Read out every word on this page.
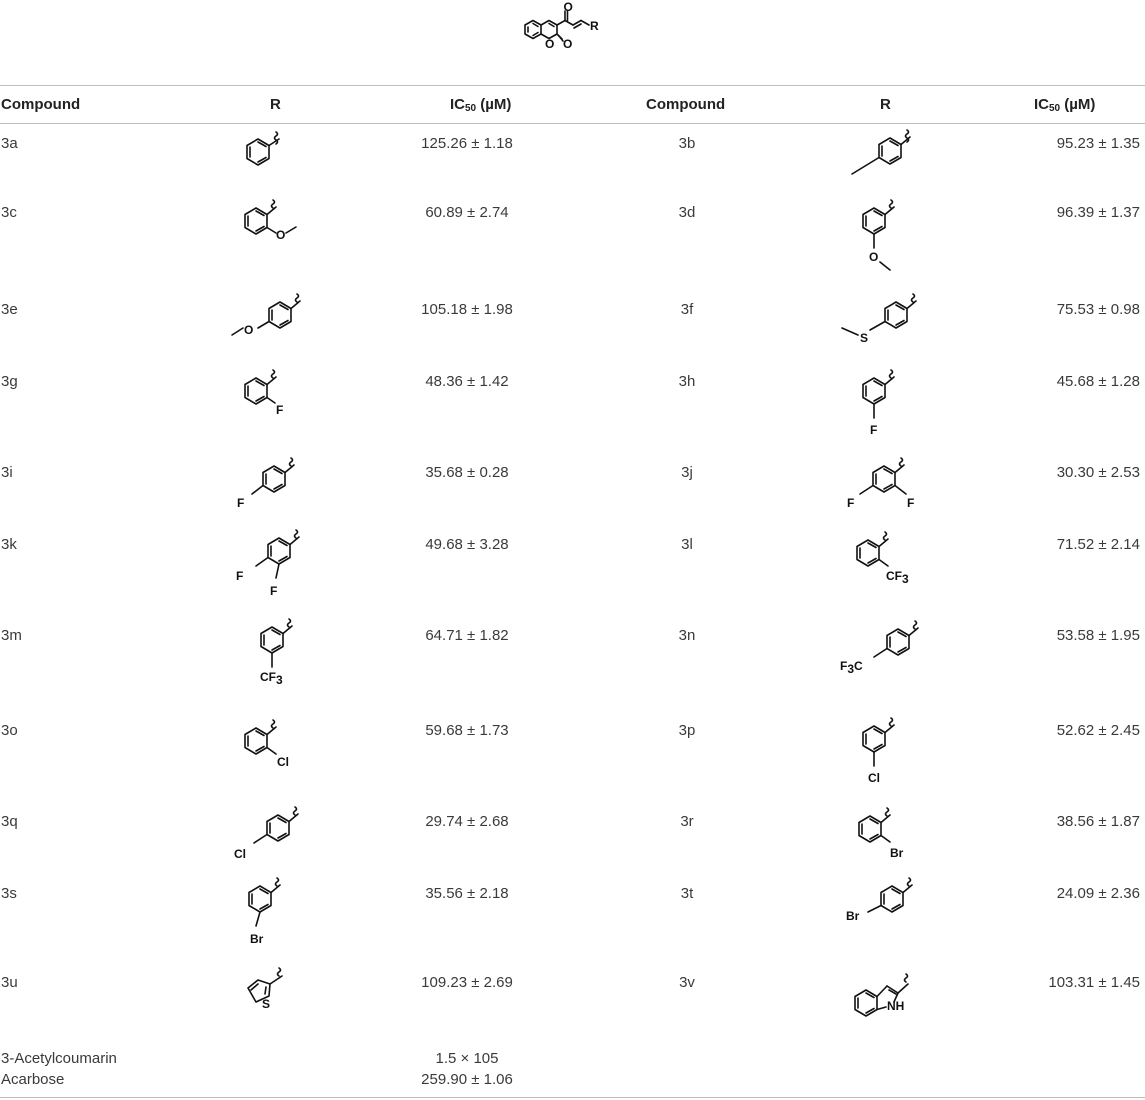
O
O O
R
Compound	R	$IC_{50}$ (µM)	Compound	R	$IC_{50}$ (µM)
3a	125.26 ± 1.18	3b	95.23 ± 1.35
3c	60.89 ± 2.74	3d	96.39 ± 1.37
3e	105.18 ± 1.98	3f	75.53 ± 0.98
3g	48.36 ± 1.42	3h	45.68 ± 1.28
3i	35.68 ± 0.28	3j	30.30 ± 2.53
3k	49.68 ± 3.28	3l	71.52 ± 2.14
3m	64.71 ± 1.82	3n	53.58 ± 1.95
3o	59.68 ± 1.73	3p	52.62 ± 2.45
3q	29.74 ± 2.68	3r	38.56 ± 1.87
3s	35.56 ± 2.18	3t	24.09 ± 2.36
3u	109.23 ± 2.69	3v	103.31 ± 1.45
O
O
F
F
F
F
CF3
Cl
Cl
Br
S
O
S
F
F	F
CF3
F3C
Cl
Br
Br
NH
3-Acetylcoumarin	1.5 × 105
Acarbose	259.90 ± 1.06
